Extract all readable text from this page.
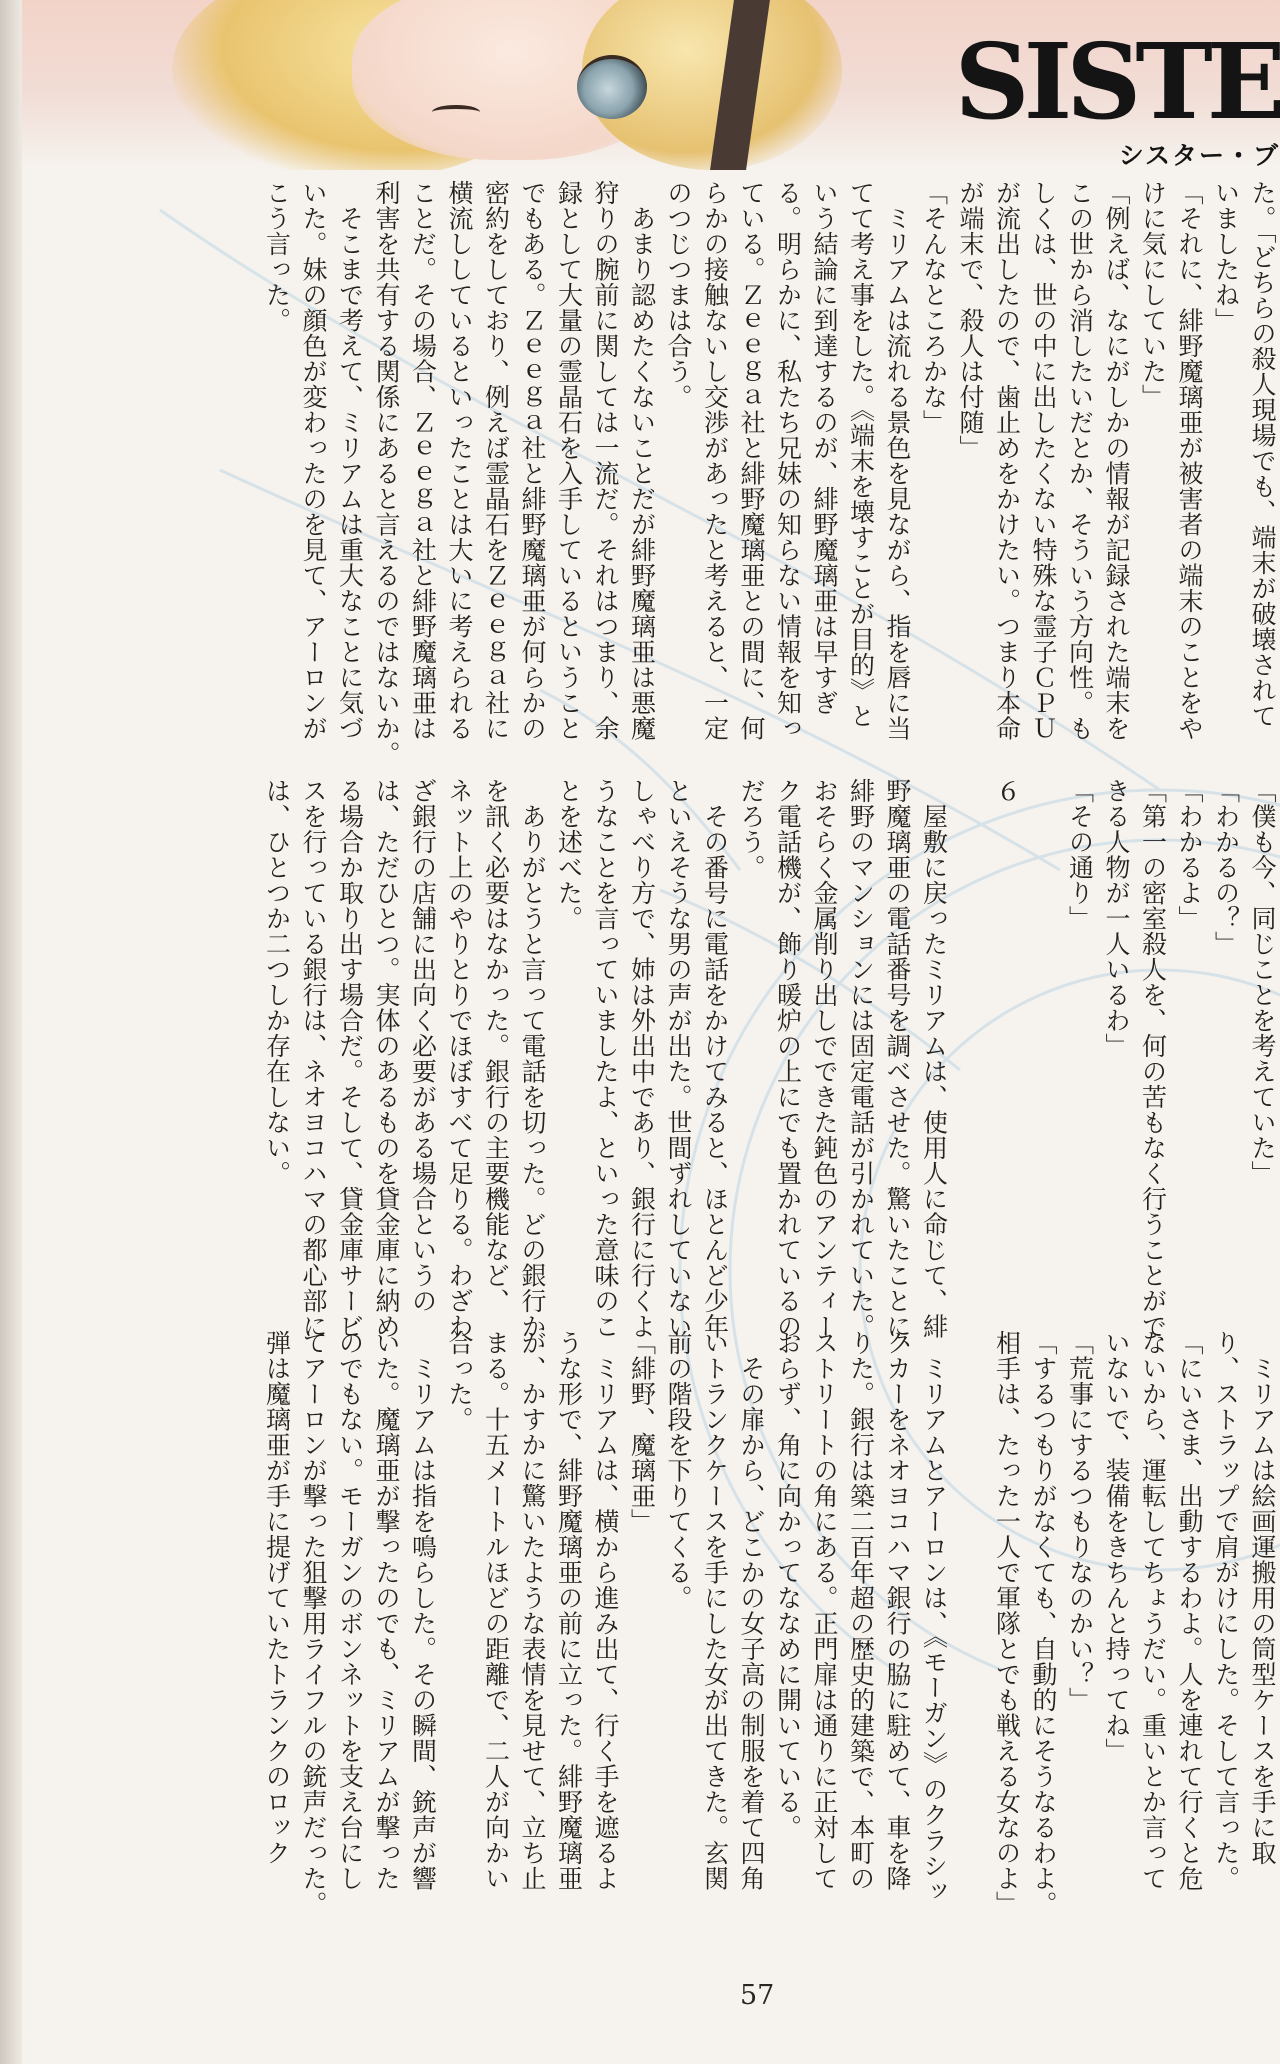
SISTE
シスター・ブ
た。「どちらの殺人現場でも、端末が破壊されて
いましたね」
「それに、緋野魔璃亜が被害者の端末のことをや
けに気にしていた」
「例えば、なにがしかの情報が記録された端末を
この世から消したいだとか、そういう方向性。も
しくは、世の中に出したくない特殊な霊子ＣＰＵ
が流出したので、歯止めをかけたい。つまり本命
が端末で、殺人は付随」
「そんなところかな」
　ミリアムは流れる景色を見ながら、指を唇に当
てて考え事をした。《端末を壊すことが目的》と
いう結論に到達するのが、緋野魔璃亜は早すぎ
る。明らかに、私たち兄妹の知らない情報を知っ
ている。Ｚｅｅｇａ社と緋野魔璃亜との間に、何
らかの接触ないし交渉があったと考えると、一定
のつじつまは合う。
　あまり認めたくないことだが緋野魔璃亜は悪魔
狩りの腕前に関しては一流だ。それはつまり、余
録として大量の霊晶石を入手しているということ
でもある。Ｚｅｅｇａ社と緋野魔璃亜が何らかの
密約をしており、例えば霊晶石をＺｅｅｇａ社に
横流ししているといったことは大いに考えられる
ことだ。その場合、Ｚｅｅｇａ社と緋野魔璃亜は
利害を共有する関係にあると言えるのではないか。
　そこまで考えて、ミリアムは重大なことに気づ
いた。妹の顔色が変わったのを見て、アーロンが
こう言った。
「僕も今、同じことを考えていた」
「わかるの？」
「わかるよ」
「第一の密室殺人を、何の苦もなく行うことがで
きる人物が一人いるわ」
「その通り」

６

　屋敷に戻ったミリアムは、使用人に命じて、緋
野魔璃亜の電話番号を調べさせた。驚いたことに、
緋野のマンションには固定電話が引かれていた。
おそらく金属削り出しでできた鈍色のアンティー
ク電話機が、飾り暖炉の上にでも置かれているの
だろう。
　その番号に電話をかけてみると、ほとんど少年
といえそうな男の声が出た。世間ずれしていない
しゃべり方で、姉は外出中であり、銀行に行くよ
うなことを言っていましたよ、といった意味のこ
とを述べた。
　ありがとうと言って電話を切った。どの銀行か
を訊く必要はなかった。銀行の主要機能など、
ネット上のやりとりでほぼすべて足りる。わざわ
ざ銀行の店舗に出向く必要がある場合というの
は、ただひとつ。実体のあるものを貸金庫に納め
る場合か取り出す場合だ。そして、貸金庫サービ
スを行っている銀行は、ネオヨコハマの都心部に
は、ひとつか二つしか存在しない。
　ミリアムは絵画運搬用の筒型ケースを手に取
り、ストラップで肩がけにした。そして言った。
「にいさま、出動するわよ。人を連れて行くと危
ないから、運転してちょうだい。重いとか言って
いないで、装備をきちんと持ってね」
「荒事にするつもりなのかい？」
「するつもりがなくても、自動的にそうなるわよ。
相手は、たった一人で軍隊とでも戦える女なのよ」

　ミリアムとアーロンは、《モーガン》のクラシッ
クカーをネオヨコハマ銀行の脇に駐めて、車を降
りた。銀行は築二百年超の歴史的建築で、本町の
ストリートの角にある。正門扉は通りに正対して
おらず、角に向かってななめに開いている。
　その扉から、どこかの女子高の制服を着て四角
いトランクケースを手にした女が出てきた。玄関
前の階段を下りてくる。
「緋野、魔璃亜」
　ミリアムは、横から進み出て、行く手を遮るよ
うな形で、緋野魔璃亜の前に立った。緋野魔璃亜
が、かすかに驚いたような表情を見せて、立ち止
まる。十五メートルほどの距離で、二人が向かい
合った。
　ミリアムは指を鳴らした。その瞬間、銃声が響
いた。魔璃亜が撃ったのでも、ミリアムが撃った
のでもない。モーガンのボンネットを支え台にし
てアーロンが撃った狙撃用ライフルの銃声だった。
弾は魔璃亜が手に提げていたトランクのロック
57
